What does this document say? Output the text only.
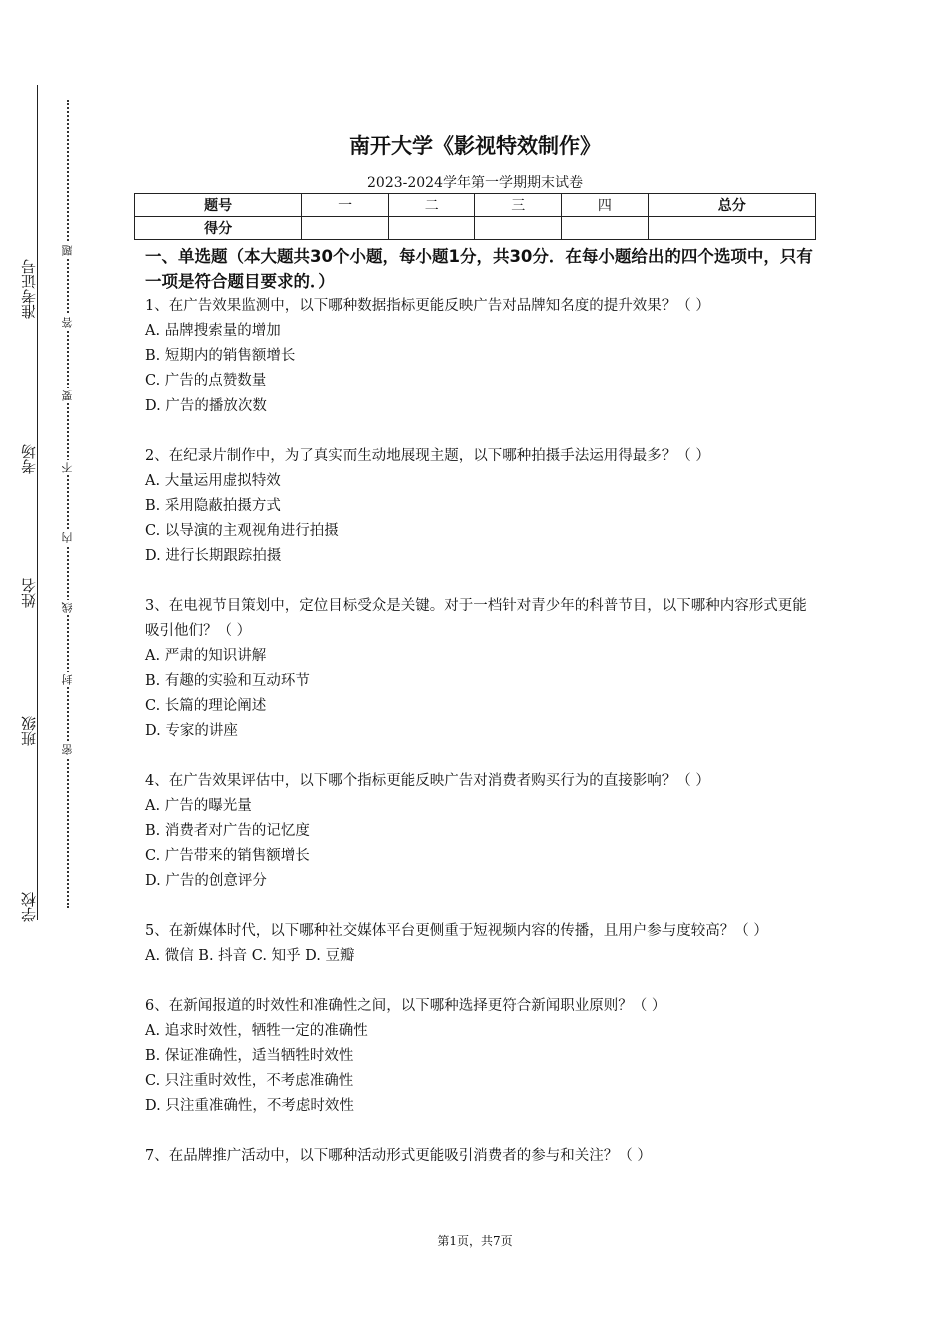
准考证号
考场
姓名
班级
学校
题
答
要
不
内
线
封
密
南开大学《影视特效制作》
2023-2024学年第一学期期末试卷
题号	一	二	三	四	总分
得分					
一、单选题（本大题共30个小题，每小题1分，共30分．在每小题给出的四个选项中，只有一项是符合题目要求的．）
1、在广告效果监测中，以下哪种数据指标更能反映广告对品牌知名度的提升效果？（ ）
A. 品牌搜索量的增加
B. 短期内的销售额增长
C. 广告的点赞数量
D. 广告的播放次数
2、在纪录片制作中，为了真实而生动地展现主题，以下哪种拍摄手法运用得最多？（ ）
A. 大量运用虚拟特效
B. 采用隐蔽拍摄方式
C. 以导演的主观视角进行拍摄
D. 进行长期跟踪拍摄
3、在电视节目策划中，定位目标受众是关键。对于一档针对青少年的科普节目，以下哪种内容形式更能吸引他们？（ ）
A. 严肃的知识讲解
B. 有趣的实验和互动环节
C. 长篇的理论阐述
D. 专家的讲座
4、在广告效果评估中，以下哪个指标更能反映广告对消费者购买行为的直接影响？（ ）
A. 广告的曝光量
B. 消费者对广告的记忆度
C. 广告带来的销售额增长
D. 广告的创意评分
5、在新媒体时代，以下哪种社交媒体平台更侧重于短视频内容的传播，且用户参与度较高？（ ）
A. 微信 B. 抖音 C. 知乎 D. 豆瓣
6、在新闻报道的时效性和准确性之间，以下哪种选择更符合新闻职业原则？（ ）
A. 追求时效性，牺牲一定的准确性
B. 保证准确性，适当牺牲时效性
C. 只注重时效性，不考虑准确性
D. 只注重准确性，不考虑时效性
7、在品牌推广活动中，以下哪种活动形式更能吸引消费者的参与和关注？（ ）
第1页，共7页
